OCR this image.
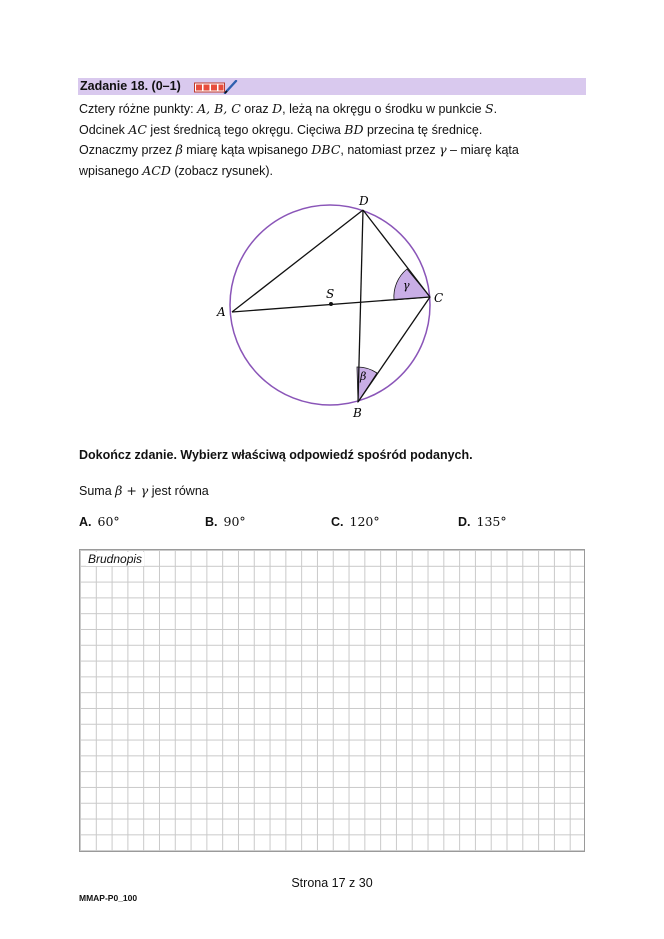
Zadanie 18. (0–1)
Cztery różne punkty: A, B, C oraz D, leżą na okręgu o środku w punkcie S.
Odcinek AC jest średnicą tego okręgu. Cięciwa BD przecina tę średnicę.
Oznaczmy przez β miarę kąta wpisanego DBC, natomiast przez γ – miarę kąta
wpisanego ACD (zobacz rysunek).
D
A
C
B
S
γ
β
Dokończ zdanie. Wybierz właściwą odpowiedź spośród podanych.
Suma β + γ jest równa
A. 60°	B. 90°	C. 120°	D. 135°
Brudnopis
Strona 17 z 30
MMAP-P0_100
